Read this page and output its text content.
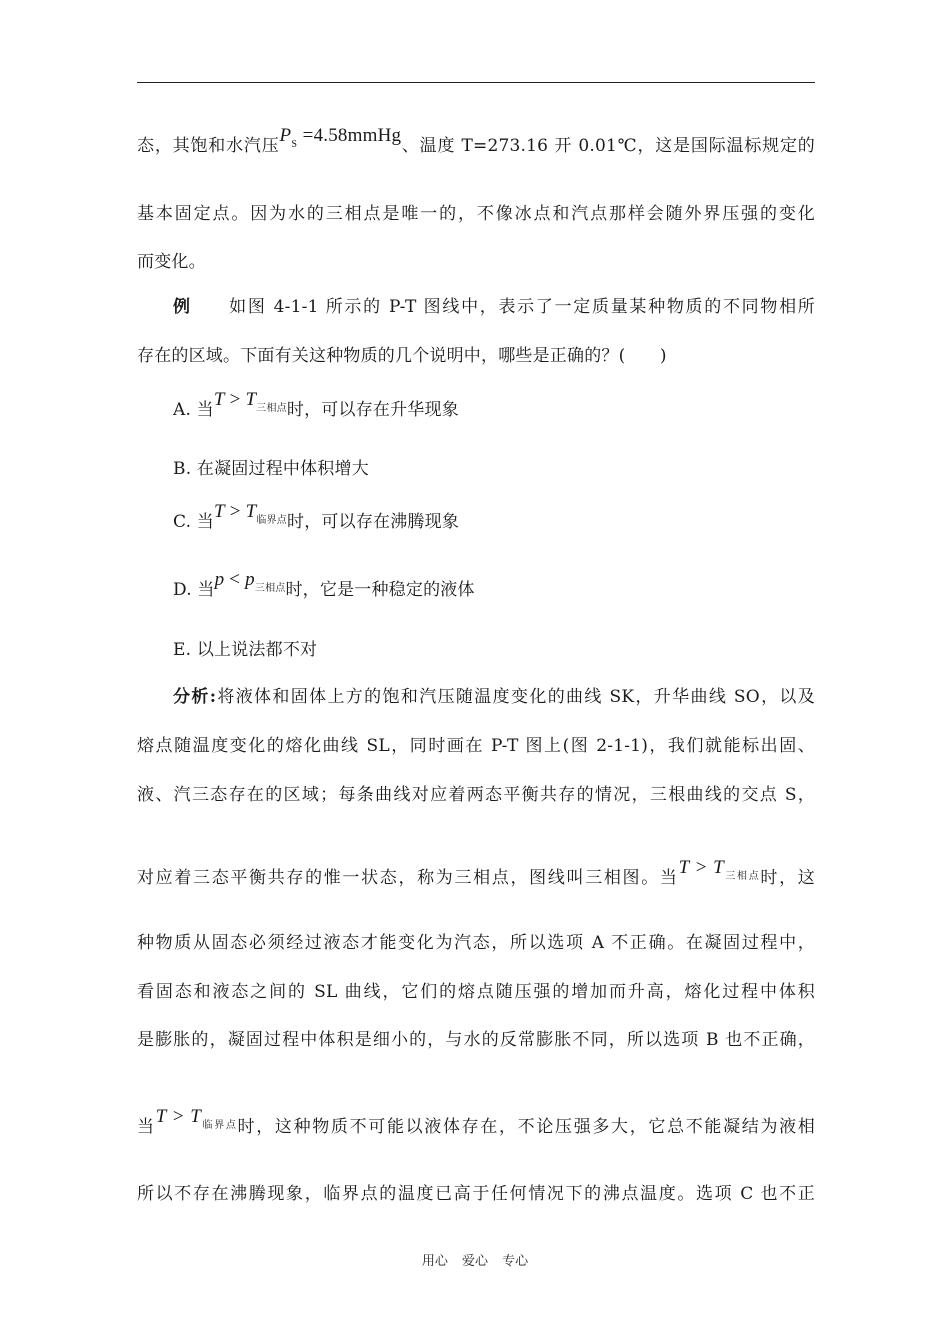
态，其饱和水汽压$P_S$ =4.58mmHg、温度 T=273.16 开 0.01℃，这是国际温标规定的
基本固定点。因为水的三相点是唯一的，不像冰点和汽点那样会随外界压强的变化
而变化。
例　　 如图 4-1-1 所示的 P-T 图线中，表示了一定质量某种物质的不同物相所
存在的区域。下面有关这种物质的几个说明中，哪些是正确的？(　　)
A. 当$T > T_{三相点}$时，可以存在升华现象
B. 在凝固过程中体积增大
C. 当$T > T_{临界点}$时，可以存在沸腾现象
D. 当$p < p_{三相点}$时，它是一种稳定的液体
E. 以上说法都不对
分析:将液体和固体上方的饱和汽压随温度变化的曲线 SK，升华曲线 SO，以及
熔点随温度变化的熔化曲线 SL，同时画在 P-T 图上(图 2-1-1)，我们就能标出固、
液、汽三态存在的区域；每条曲线对应着两态平衡共存的情况，三根曲线的交点 S，
对应着三态平衡共存的惟一状态，称为三相点，图线叫三相图。当$T > T_{三相点}$时，这
种物质从固态必须经过液态才能变化为汽态，所以选项 A 不正确。在凝固过程中，
看固态和液态之间的 SL 曲线，它们的熔点随压强的增加而升高，熔化过程中体积
是膨胀的，凝固过程中体积是细小的，与水的反常膨胀不同，所以选项 B 也不正确，
当$T > T_{临界点}$时，这种物质不可能以液体存在，不论压强多大，它总不能凝结为液相
所以不存在沸腾现象，临界点的温度已高于任何情况下的沸点温度。选项 C 也不正
用心 爱心 专心
